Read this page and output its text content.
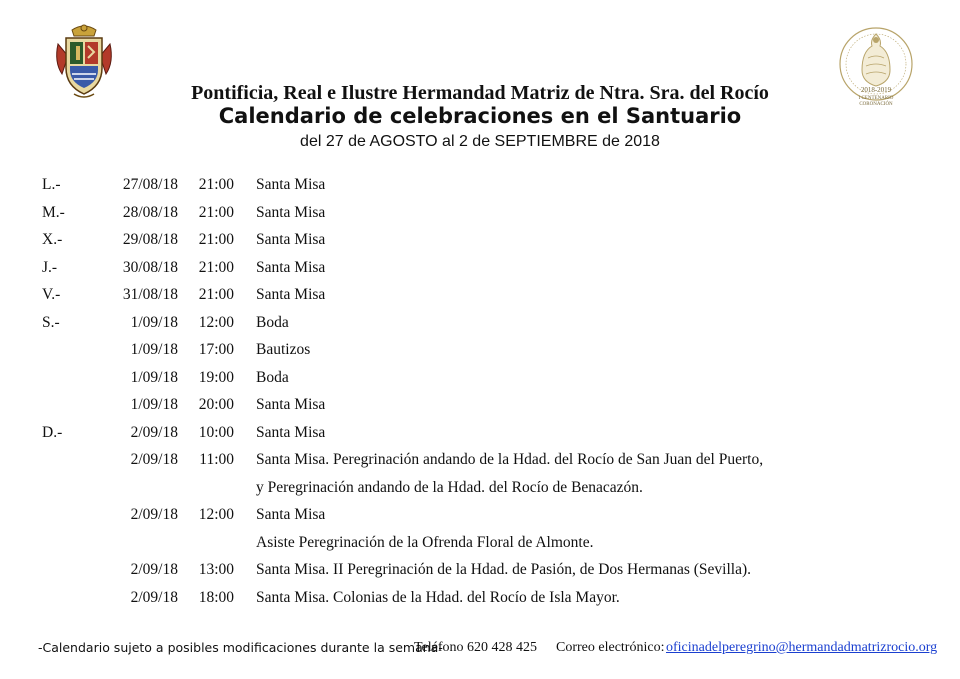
2018-2019
I CENTENARIO
CORONACIÓN
Pontificia, Real e Ilustre Hermandad Matriz de Ntra. Sra. del Rocío
Calendario de celebraciones en el Santuario
del 27 de AGOSTO al 2 de SEPTIEMBRE de 2018
L.-	27/08/18	21:00 Santa Misa
M.-	28/08/18	21:00 Santa Misa
X.-	29/08/18	21:00 Santa Misa
J.-	30/08/18	21:00 Santa Misa
V.-	31/08/18	21:00 Santa Misa
S.-	1/09/18	12:00 Boda
1/09/18	17:00 Bautizos
1/09/18	19:00 Boda
1/09/18	20:00 Santa Misa
D.-	2/09/18	10:00 Santa Misa
2/09/18	11:00 Santa Misa. Peregrinación andando de la Hdad. del Rocío de San Juan del Puerto,
y Peregrinación andando de la Hdad. del Rocío de Benacazón.
2/09/18	12:00 Santa Misa
Asiste Peregrinación de la Ofrenda Floral de Almonte.
2/09/18	13:00 Santa Misa. II Peregrinación de la Hdad. de Pasión, de Dos Hermanas (Sevilla).
2/09/18	18:00 Santa Misa. Colonias de la Hdad. del Rocío de Isla Mayor.
-Calendario sujeto a posibles modificaciones durante la semana-
Teléfono 620 428 425 Correo electrónico: oficinadelperegrino@hermandadmatrizrocio.org
